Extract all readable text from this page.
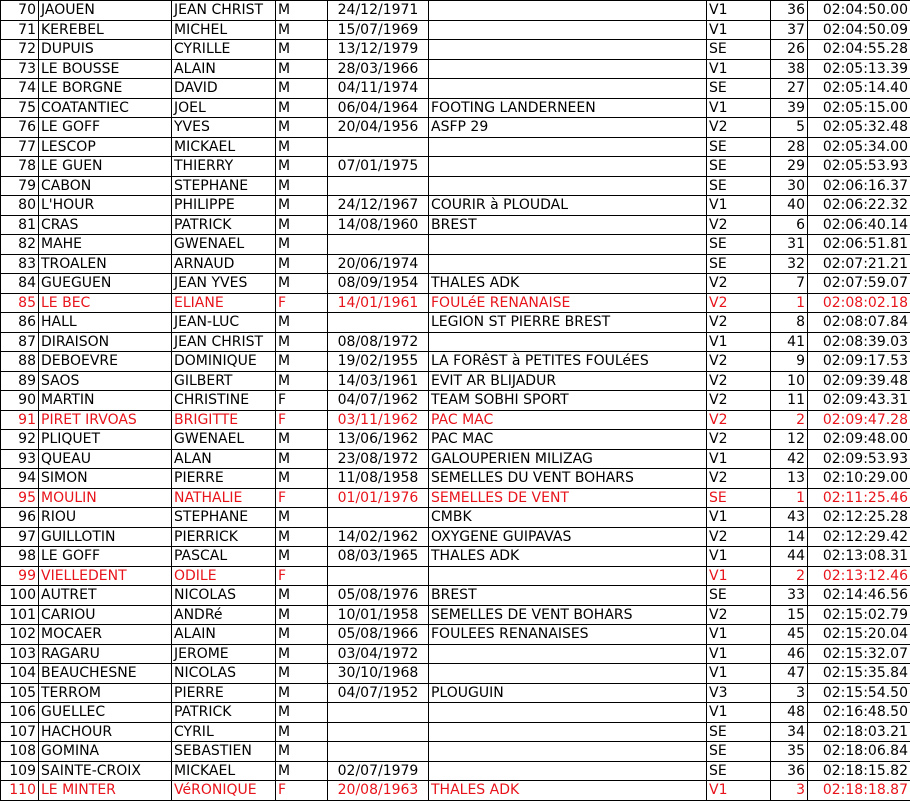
70	JAOUEN	JEAN CHRIST	M	24/12/1971		V1	36	02:04:50.00
71	KEREBEL	MICHEL	M	15/07/1969		V1	37	02:04:50.09
72	DUPUIS	CYRILLE	M	13/12/1979		SE	26	02:04:55.28
73	LE BOUSSE	ALAIN	M	28/03/1966		V1	38	02:05:13.39
74	LE BORGNE	DAVID	M	04/11/1974		SE	27	02:05:14.40
75	COATANTIEC	JOEL	M	06/04/1964	FOOTING LANDERNEEN	V1	39	02:05:15.00
76	LE GOFF	YVES	M	20/04/1956	ASFP 29	V2	5	02:05:32.48
77	LESCOP	MICKAEL	M			SE	28	02:05:34.00
78	LE GUEN	THIERRY	M	07/01/1975		SE	29	02:05:53.93
79	CABON	STEPHANE	M			SE	30	02:06:16.37
80	L'HOUR	PHILIPPE	M	24/12/1967	COURIR à PLOUDAL	V1	40	02:06:22.32
81	CRAS	PATRICK	M	14/08/1960	BREST	V2	6	02:06:40.14
82	MAHE	GWENAEL	M			SE	31	02:06:51.81
83	TROALEN	ARNAUD	M	20/06/1974		SE	32	02:07:21.21
84	GUEGUEN	JEAN YVES	M	08/09/1954	THALES ADK	V2	7	02:07:59.07
85	LE BEC	ELIANE	F	14/01/1961	FOULéE RENANAISE	V2	1	02:08:02.18
86	HALL	JEAN-LUC	M		LEGION ST PIERRE BREST	V2	8	02:08:07.84
87	DIRAISON	JEAN CHRIST	M	08/08/1972		V1	41	02:08:39.03
88	DEBOEVRE	DOMINIQUE	M	19/02/1955	LA FORêST à PETITES FOULéES	V2	9	02:09:17.53
89	SAOS	GILBERT	M	14/03/1961	EVIT AR BLIJADUR	V2	10	02:09:39.48
90	MARTIN	CHRISTINE	F	04/07/1962	TEAM SOBHI SPORT	V2	11	02:09:43.31
91	PIRET IRVOAS	BRIGITTE	F	03/11/1962	PAC MAC	V2	2	02:09:47.28
92	PLIQUET	GWENAEL	M	13/06/1962	PAC MAC	V2	12	02:09:48.00
93	QUEAU	ALAN	M	23/08/1972	GALOUPERIEN MILIZAG	V1	42	02:09:53.93
94	SIMON	PIERRE	M	11/08/1958	SEMELLES DU VENT BOHARS	V2	13	02:10:29.00
95	MOULIN	NATHALIE	F	01/01/1976	SEMELLES DE VENT	SE	1	02:11:25.46
96	RIOU	STEPHANE	M		CMBK	V1	43	02:12:25.28
97	GUILLOTIN	PIERRICK	M	14/02/1962	OXYGENE GUIPAVAS	V2	14	02:12:29.42
98	LE GOFF	PASCAL	M	08/03/1965	THALES ADK	V1	44	02:13:08.31
99	VIELLEDENT	ODILE	F			V1	2	02:13:12.46
100	AUTRET	NICOLAS	M	05/08/1976	BREST	SE	33	02:14:46.56
101	CARIOU	ANDRé	M	10/01/1958	SEMELLES DE VENT BOHARS	V2	15	02:15:02.79
102	MOCAER	ALAIN	M	05/08/1966	FOULEES RENANAISES	V1	45	02:15:20.04
103	RAGARU	JEROME	M	03/04/1972		V1	46	02:15:32.07
104	BEAUCHESNE	NICOLAS	M	30/10/1968		V1	47	02:15:35.84
105	TERROM	PIERRE	M	04/07/1952	PLOUGUIN	V3	3	02:15:54.50
106	GUELLEC	PATRICK	M			V1	48	02:16:48.50
107	HACHOUR	CYRIL	M			SE	34	02:18:03.21
108	GOMINA	SEBASTIEN	M			SE	35	02:18:06.84
109	SAINTE-CROIX	MICKAEL	M	02/07/1979		SE	36	02:18:15.82
110	LE MINTER	VéRONIQUE	F	20/08/1963	THALES ADK	V1	3	02:18:18.87
